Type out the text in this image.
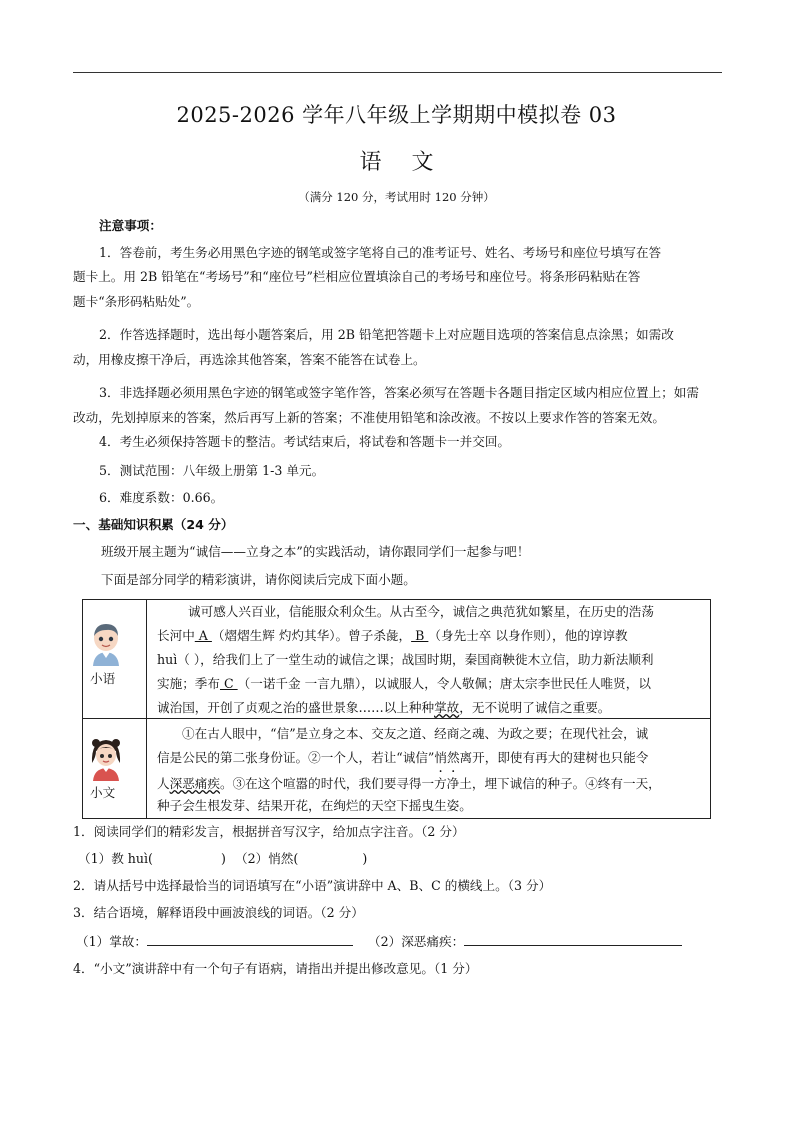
2025-2026 学年八年级上学期期中模拟卷 03
语文
（满分 120 分，考试用时 120 分钟）
注意事项：
1．答卷前，考生务必用黑色字迹的钢笔或签字笔将自己的准考证号、姓名、考场号和座位号填写在答
题卡上。用 2B 铅笔在“考场号”和“座位号”栏相应位置填涂自己的考场号和座位号。将条形码粘贴在答
题卡“条形码粘贴处”。
2．作答选择题时，选出每小题答案后，用 2B 铅笔把答题卡上对应题目选项的答案信息点涂黑；如需改
动，用橡皮擦干净后，再选涂其他答案，答案不能答在试卷上。
3．非选择题必须用黑色字迹的钢笔或签字笔作答，答案必须写在答题卡各题目指定区域内相应位置上；如需
改动，先划掉原来的答案，然后再写上新的答案；不准使用铅笔和涂改液。不按以上要求作答的答案无效。
4．考生必须保持答题卡的整洁。考试结束后，将试卷和答题卡一并交回。
5．测试范围：八年级上册第 1-3 单元。
6．难度系数：0.66。
一、基础知识积累（24 分）
班级开展主题为“诚信——立身之本”的实践活动，请你跟同学们一起参与吧！
下面是部分同学的精彩演讲，请你阅读后完成下面小题。
小语
诚可感人兴百业，信能服众利众生。从古至今，诚信之典范犹如繁星，在历史的浩荡
长河中 A （熠熠生辉 灼灼其华）。曾子杀彘， B （身先士卒 以身作则），他的谆谆教
huì（ ），给我们上了一堂生动的诚信之课；战国时期，秦国商鞅徙木立信，助力新法顺利
实施；季布 C （一诺千金 一言九鼎），以诚服人，令人敬佩；唐太宗李世民任人唯贤，以
诚治国，开创了贞观之治的盛世景象……以上种种掌故，无不说明了诚信之重要。
小文
①在古人眼中，“信”是立身之本、交友之道、经商之魂、为政之要；在现代社会，诚
信是公民的第二张身份证。②一个人，若让“诚信”悄然离开，即使有再大的建树也只能令
人深恶痛疾。③在这个喧嚣的时代，我们要寻得一方净土，埋下诚信的种子。④终有一天，
种子会生根发芽、结果开花，在绚烂的天空下摇曳生姿。
1．阅读同学们的精彩发言，根据拼音写汉字，给加点字注音。（2 分）
（1）教 huì(	) （2）悄然(	)
2．请从括号中选择最恰当的词语填写在“小语”演讲辞中 A、B、C 的横线上。（3 分）
3．结合语境，解释语段中画波浪线的词语。（2 分）
（1）掌故：	（2）深恶痛疾：
4．“小文”演讲辞中有一个句子有语病，请指出并提出修改意见。（1 分）
